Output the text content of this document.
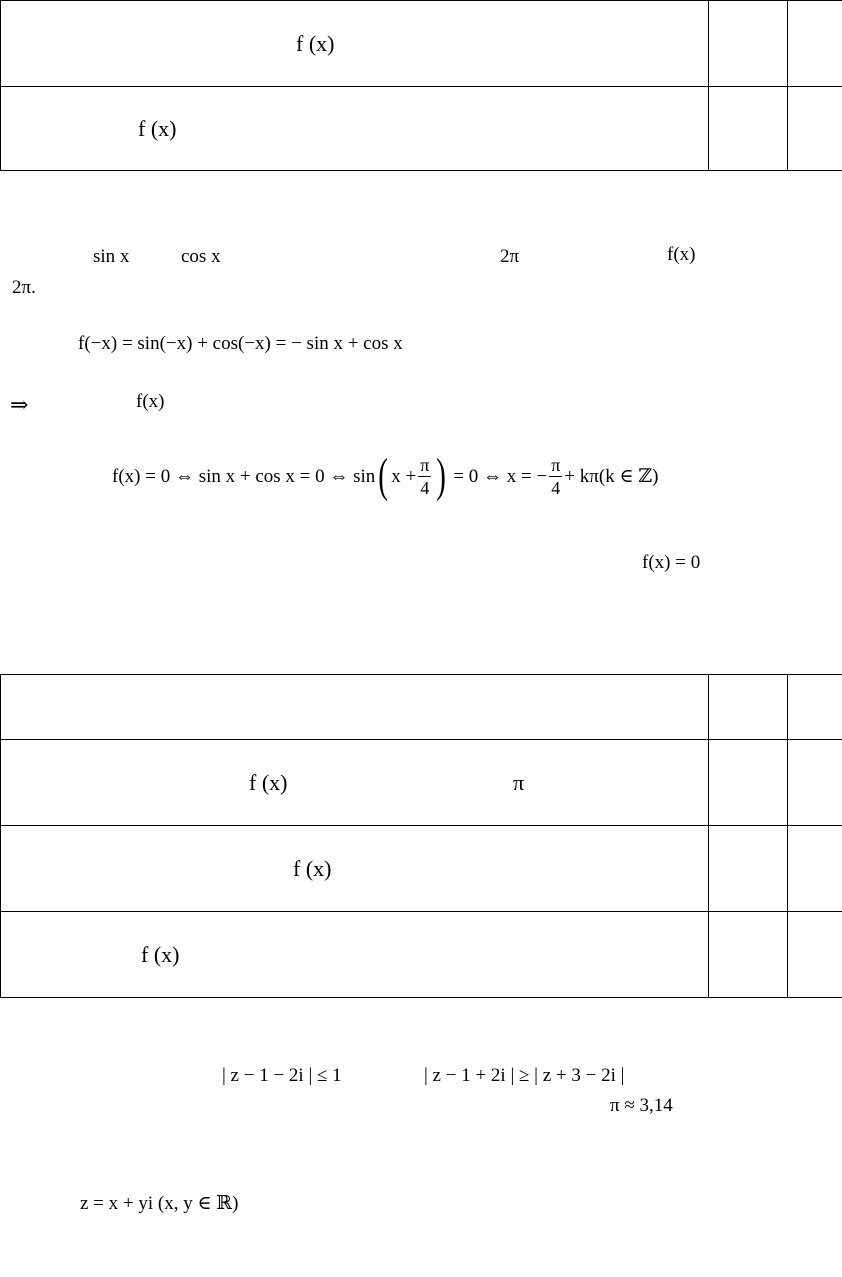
f (x)		

f (x)		

sin x	cos x	2π	f(x)
2π.
f(−x) = sin(−x) + cos(−x) = − sin x + cos x
⇒	f(x)
f(x) = 0 ⇔ sin x + cos x = 0 ⇔ sin ( $x + \frac{\pi}{4}$ ) = 0 ⇔ x = − $\frac{\pi}{4} + k\pi(k$ ∈ ℤ)
f(x) = 0

f (x) π		

f (x)		

f (x)		

| z − 1 − 2i | ≤ 1	| z − 1 + 2i | ≥ | z + 3 − 2i |
π ≈ 3,14
z = x + yi (x, y ∈ ℝ)
